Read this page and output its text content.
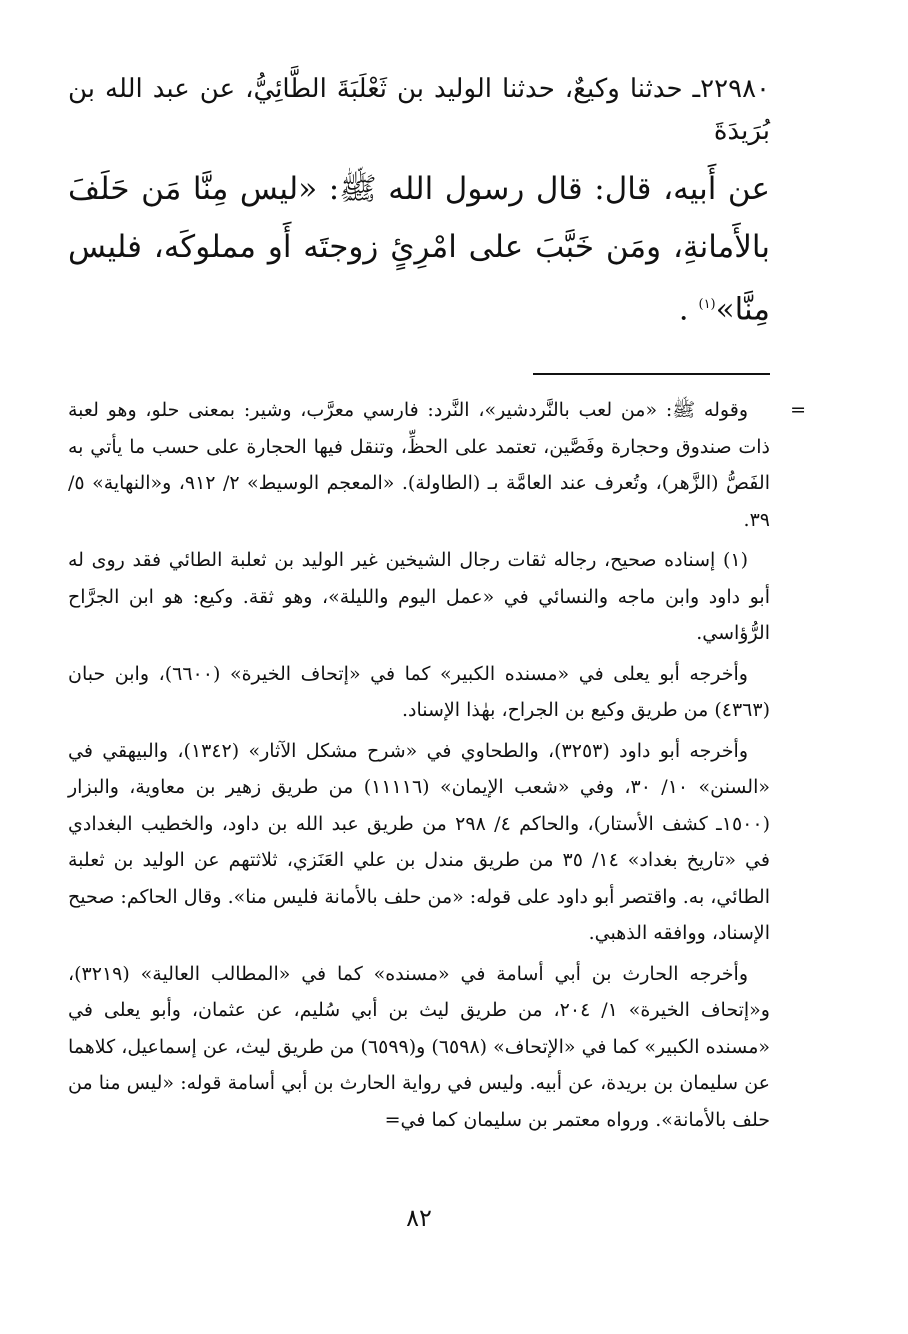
٢٢٩٨٠ـ حدثنا وكيعٌ، حدثنا الوليد بن ثَعْلَبَةَ الطَّائِيُّ، عن عبد الله بن بُرَيدَةَ

عن أَبيه، قال: قال رسول الله ﷺ: «ليس مِنَّا مَن حَلَفَ بالأَمانةِ، ومَن خَبَّبَ على امْرِئٍ زوجتَه أَو مملوكَه، فليس مِنَّا»$^{(١)}$ .

=

وقوله ﷺ: «من لعب بالنَّردشير»، النَّرد: فارسي معرَّب، وشير: بمعنى حلو، وهو لعبة ذات صندوق وحجارة وفَصَّين، تعتمد على الحظِّ، وتنقل فيها الحجارة على حسب ما يأتي به الفَصُّ (الزَّهر)، وتُعرف عند العامَّة بـ (الطاولة). «المعجم الوسيط» ٢/ ٩١٢، و«النهاية» ٥/ ٣٩.

(١) إسناده صحيح، رجاله ثقات رجال الشيخين غير الوليد بن ثعلبة الطائي فقد روى له أبو داود وابن ماجه والنسائي في «عمل اليوم والليلة»، وهو ثقة. وكيع: هو ابن الجرَّاح الرُّؤاسي.

وأخرجه أبو يعلى في «مسنده الكبير» كما في «إتحاف الخيرة» (٦٦٠٠)، وابن حبان (٤٣٦٣) من طريق وكيع بن الجراح، بهٰذا الإسناد.

وأخرجه أبو داود (٣٢٥٣)، والطحاوي في «شرح مشكل الآثار» (١٣٤٢)، والبيهقي في «السنن» ١٠/ ٣٠، وفي «شعب الإيمان» (١١١١٦) من طريق زهير بن معاوية، والبزار (١٥٠٠ـ كشف الأستار)، والحاكم ٤/ ٢٩٨ من طريق عبد الله بن داود، والخطيب البغدادي في «تاريخ بغداد» ١٤/ ٣٥ من طريق مندل بن علي العَنَزي، ثلاثتهم عن الوليد بن ثعلبة الطائي، به. واقتصر أبو داود على قوله: «من حلف بالأمانة فليس منا». وقال الحاكم: صحيح الإسناد، ووافقه الذهبي.

وأخرجه الحارث بن أبي أسامة في «مسنده» كما في «المطالب العالية» (٣٢١٩)، و«إتحاف الخيرة» ١/ ٢٠٤، من طريق ليث بن أبي سُليم، عن عثمان، وأبو يعلى في «مسنده الكبير» كما في «الإتحاف» (٦٥٩٨) و(٦٥٩٩) من طريق ليث، عن إسماعيل، كلاهما عن سليمان بن بريدة، عن أبيه. وليس في رواية الحارث بن أبي أسامة قوله: «ليس منا من حلف بالأمانة». ورواه معتمر بن سليمان كما في=

٨٢
